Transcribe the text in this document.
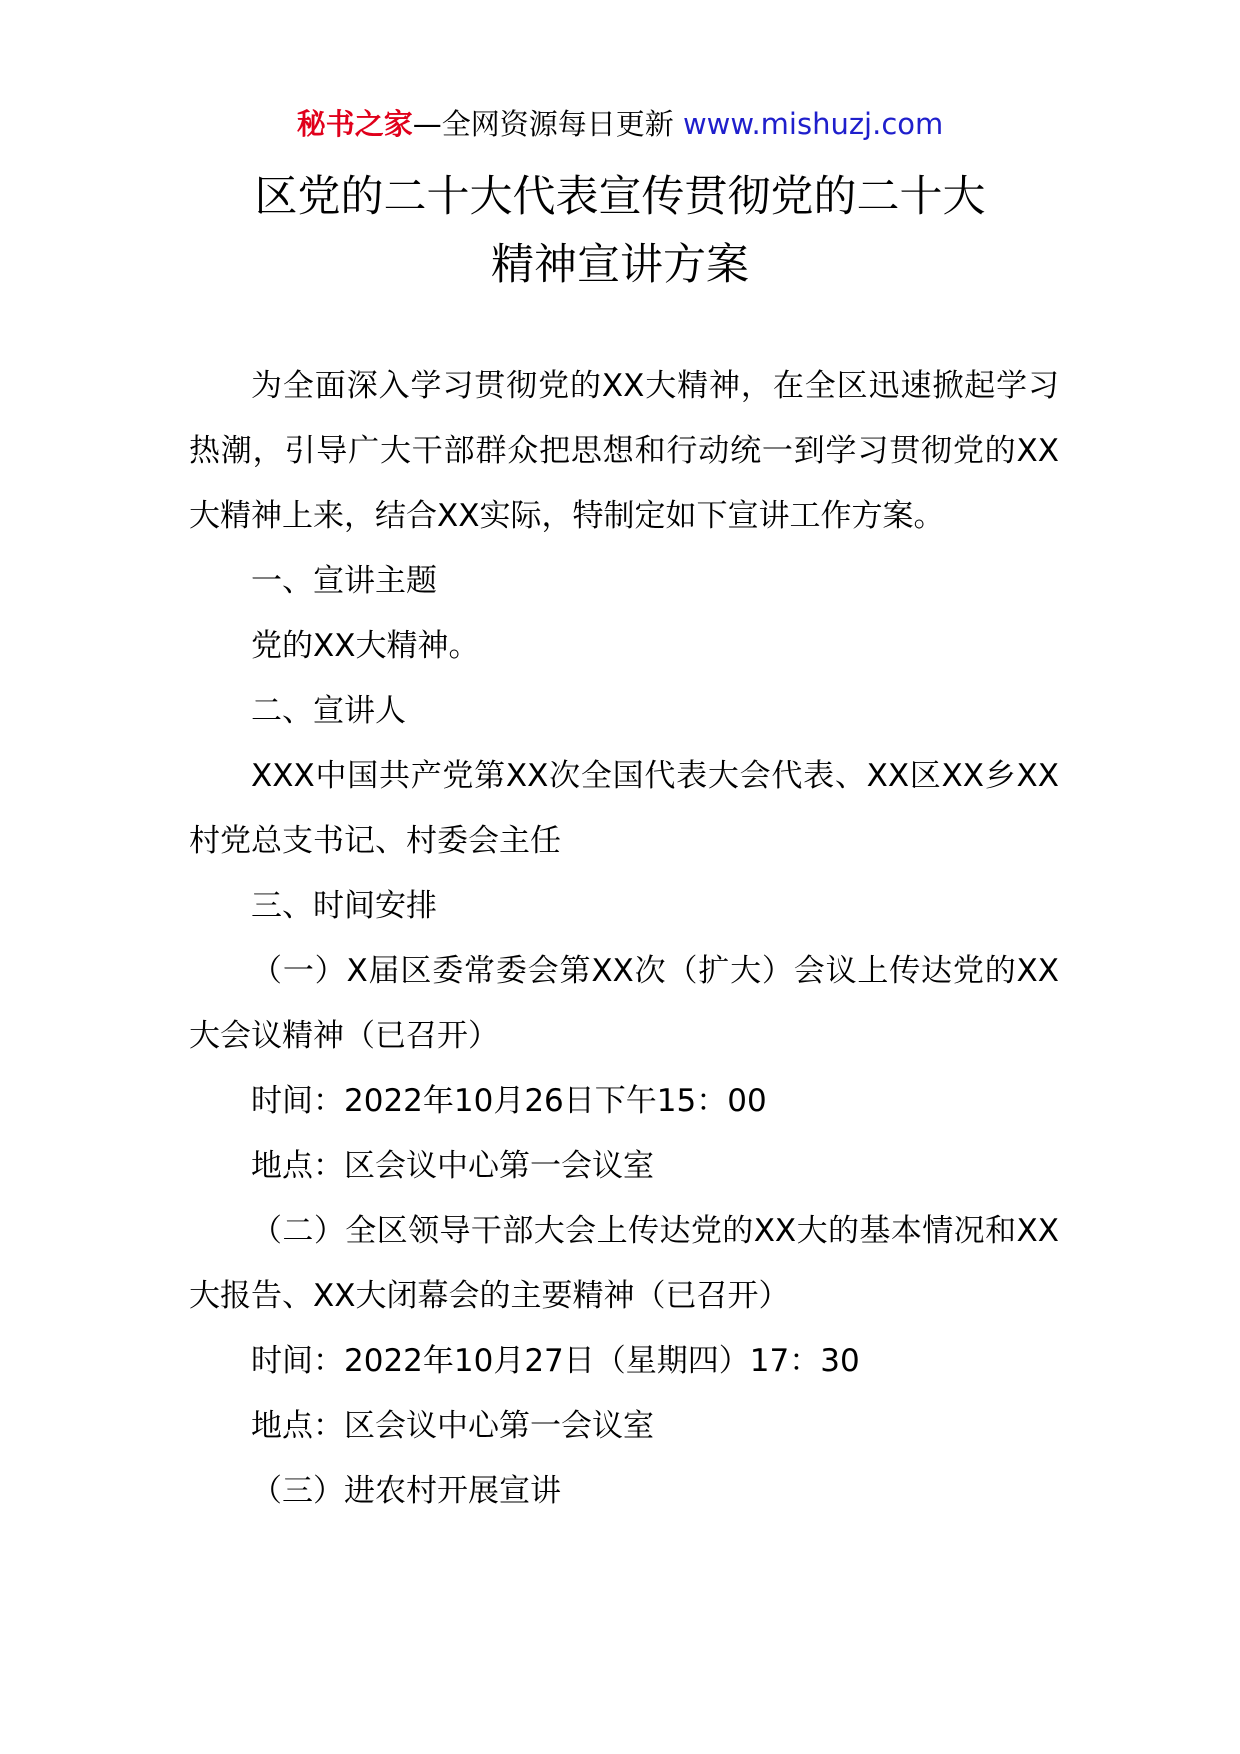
秘书之家—全网资源每日更新 www.mishuzj.com
区党的二十大代表宣传贯彻党的二十大
精神宣讲方案

为全面深入学习贯彻党的XX大精神，在全区迅速掀起学习热潮，引导广大干部群众把思想和行动统一到学习贯彻党的XX大精神上来，结合XX实际，特制定如下宣讲工作方案。

一、宣讲主题

党的XX大精神。

二、宣讲人

XXX中国共产党第XX次全国代表大会代表、XX区XX乡XX村党总支书记、村委会主任

三、时间安排

（一）X届区委常委会第XX次（扩大）会议上传达党的XX大会议精神（已召开）

时间：2022年10月26日下午15：00

地点：区会议中心第一会议室

（二）全区领导干部大会上传达党的XX大的基本情况和XX大报告、XX大闭幕会的主要精神（已召开）

时间：2022年10月27日（星期四）17：30

地点：区会议中心第一会议室

（三）进农村开展宣讲
